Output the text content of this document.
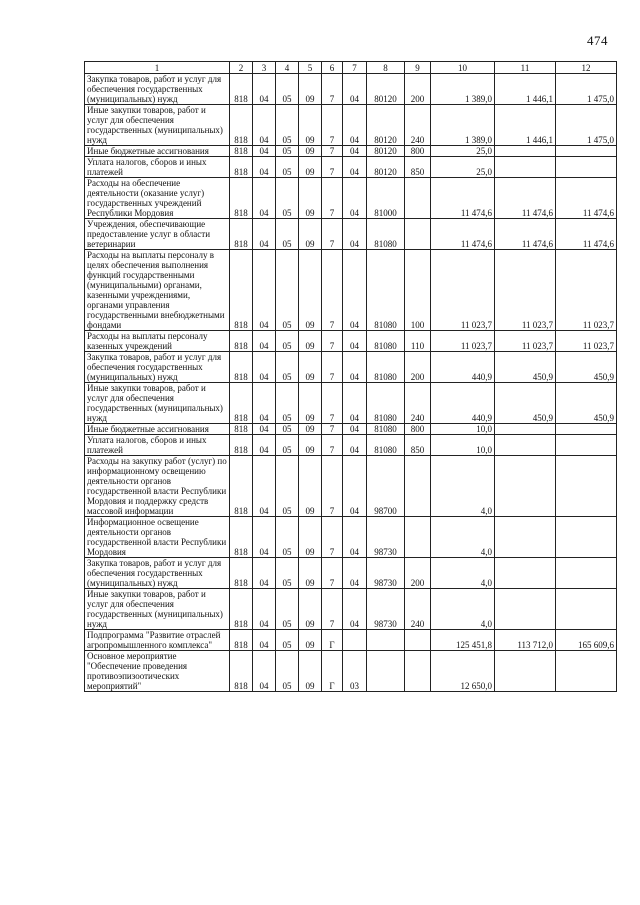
474
1	2	3	4	5	6	7	8	9	10	11	12

Закупка товаров, работ и услуг для обеспечения государственных (муниципальных) нужд	818	04	05	09	7	04	80120	200	1 389,0	1 446,1	1 475,0

Иные закупки товаров, работ и услуг для обеспечения государственных (муниципальных) нужд	818	04	05	09	7	04	80120	240	1 389,0	1 446,1	1 475,0

Иные бюджетные ассигнования	818	04	05	09	7	04	80120	800	25,0		

Уплата налогов, сборов и иных платежей	818	04	05	09	7	04	80120	850	25,0		

Расходы на обеспечение деятельности (оказание услуг) государственных учреждений Республики Мордовия	818	04	05	09	7	04	81000		11 474,6	11 474,6	11 474,6

Учреждения, обеспечивающие предоставление услуг в области ветеринарии	818	04	05	09	7	04	81080		11 474,6	11 474,6	11 474,6

Расходы на выплаты персоналу в целях обеспечения выполнения функций государственными (муниципальными) органами, казенными учреждениями, органами управления государственными внебюджетными фондами	818	04	05	09	7	04	81080	100	11 023,7	11 023,7	11 023,7

Расходы на выплаты персоналу казенных учреждений	818	04	05	09	7	04	81080	110	11 023,7	11 023,7	11 023,7

Закупка товаров, работ и услуг для обеспечения государственных (муниципальных) нужд	818	04	05	09	7	04	81080	200	440,9	450,9	450,9

Иные закупки товаров, работ и услуг для обеспечения государственных (муниципальных) нужд	818	04	05	09	7	04	81080	240	440,9	450,9	450,9

Иные бюджетные ассигнования	818	04	05	09	7	04	81080	800	10,0		

Уплата налогов, сборов и иных платежей	818	04	05	09	7	04	81080	850	10,0		

Расходы на закупку работ (услуг) по информационному освещению деятельности органов государственной власти Республики Мордовия и поддержку средств массовой информации	818	04	05	09	7	04	98700		4,0		

Информационное освещение деятельности органов государственной власти Республики Мордовия	818	04	05	09	7	04	98730		4,0		

Закупка товаров, работ и услуг для обеспечения государственных (муниципальных) нужд	818	04	05	09	7	04	98730	200	4,0		

Иные закупки товаров, работ и услуг для обеспечения государственных (муниципальных) нужд	818	04	05	09	7	04	98730	240	4,0		

Подпрограмма "Развитие отраслей агропромышленного комплекса"	818	04	05	09	Г				125 451,8	113 712,0	165 609,6

Основное мероприятие "Обеспечение проведения противоэпизоотических мероприятий"	818	04	05	09	Г	03			12 650,0		
